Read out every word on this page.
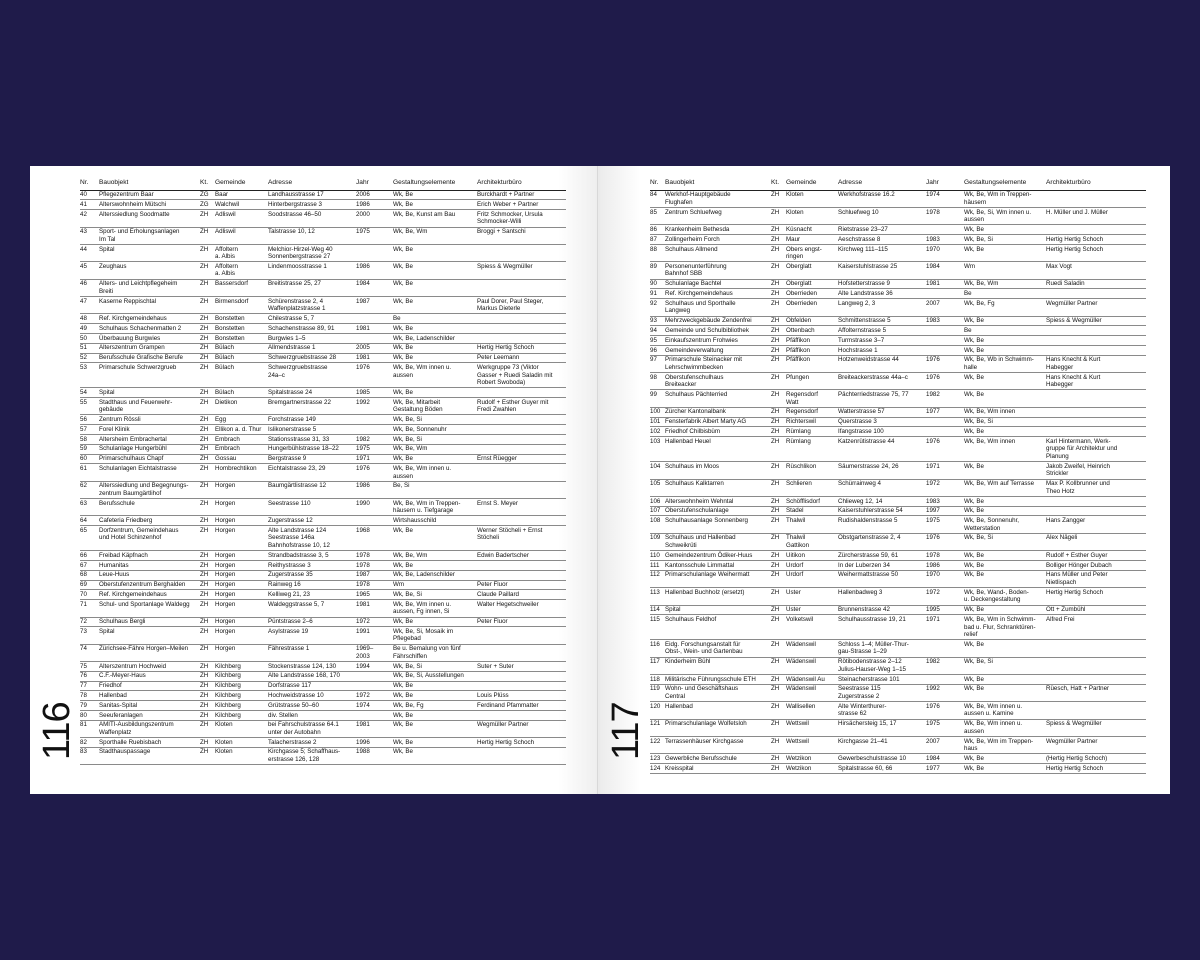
Nr.	Bauobjekt	Kt.	Gemeinde	Adresse	Jahr	Gestaltungselemente	Architekturbüro
40	Pflegezentrum Baar	ZG	Baar	Landhausstrasse 17	2006	Wk, Be	Burckhardt + Partner
41	Alterswohnheim Mütschi	ZG	Walchwil	Hinterbergstrasse 3	1986	Wk, Be	Erich Weber + Partner
42	Alterssiedlung Soodmatte	ZH	Adliswil	Soodstrasse 46–50	2000	Wk, Be, Kunst am Bau	Fritz Schmocker, Ursula
Schmocker-Willi
43	Sport- und Erholungsanlagen
Im Tal	ZH	Adliswil	Talstrasse 10, 12	1975	Wk, Be, Wm	Broggi + Santschi
44	Spital	ZH	Affoltern
a. Albis	Melchior-Hirzel-Weg 40
Sonnenbergstrasse 27		Wk, Be	
45	Zeughaus	ZH	Affoltern
a. Albis	Lindenmoosstrasse 1	1986	Wk, Be	Spiess & Wegmüller
46	Alters- und Leichtpflegeheim
Breiti	ZH	Bassersdorf	Breitistrasse 25, 27	1984	Wk, Be	
47	Kaserne Reppischtal	ZH	Birmensdorf	Schürenstrasse 2, 4
Waffenplatzstrasse 1	1987	Wk, Be	Paul Dorer, Paul Steger,
Markus Dieterle
48	Ref. Kirchgemeindehaus	ZH	Bonstetten	Chilestrasse 5, 7		Be	
49	Schulhaus Schachenmatten 2	ZH	Bonstetten	Schachenstrasse 89, 91	1981	Wk, Be	
50	Überbauung Burgwies	ZH	Bonstetten	Burgwies 1–5		Wk, Be, Ladenschilder	
51	Alterszentrum Grampen	ZH	Bülach	Allmendstrasse 1	2005	Wk, Be	Hertig Hertig Schoch
52	Berufsschule Grafische Berufe	ZH	Bülach	Schwerzgruebstrasse 28	1981	Wk, Be	Peter Leemann
53	Primarschule Schwerzgrueb	ZH	Bülach	Schwerzgruebstrasse
24a–c	1976	Wk, Be, Wm innen u.
aussen	Werkgruppe 73 (Viktor
Gasser + Ruedi Saladin mit
Robert Swoboda)
54	Spital	ZH	Bülach	Spitalstrasse 24	1985	Wk, Be	
55	Stadthaus und Feuerwehr-
gebäude	ZH	Dietikon	Bremgartnerstrasse 22	1992	Wk, Be, Mitarbeit
Gestaltung Böden	Rudolf + Esther Guyer mit
Fredi Zwahlen
56	Zentrum Rössli	ZH	Egg	Forchstrasse 149		Wk, Be, Si	
57	Forel Klinik	ZH	Ellikon a. d. Thur	Islikonerstrasse 5		Wk, Be, Sonnenuhr	
58	Altersheim Embrachertal	ZH	Embrach	Stationsstrasse 31, 33	1982	Wk, Be, Si	
59	Schulanlage Hungerbühl	ZH	Embrach	Hungerbühlstrasse 18–22	1975	Wk, Be, Wm	
60	Primarschulhaus Chapf	ZH	Gossau	Bergstrasse 9	1971	Wk, Be	Ernst Rüegger
61	Schulanlagen Eichtalstrasse	ZH	Hombrechtikon	Eichtalstrasse 23, 29	1976	Wk, Be, Wm innen u.
aussen	
62	Alterssiedlung und Begegnungs-
zentrum Baumgärtlihof	ZH	Horgen	Baumgärtlistrasse 12	1986	Be, Si	
63	Berufsschule	ZH	Horgen	Seestrasse 110	1990	Wk, Be, Wm in Treppen-
häusern u. Tiefgarage	Ernst S. Meyer
64	Cafeteria Friedberg	ZH	Horgen	Zugerstrasse 12		Wirtshausschild	
65	Dorfzentrum, Gemeindehaus
und Hotel Schinzenhof	ZH	Horgen	Alte Landstrasse 124
Seestrasse 146a
Bahnhofstrasse 10, 12	1968	Wk, Be	Werner Stöcheli + Ernst
Stöcheli
66	Freibad Käpfnach	ZH	Horgen	Strandbadstrasse 3, 5	1978	Wk, Be, Wm	Edwin Badertscher
67	Humanitas	ZH	Horgen	Reithystrasse 3	1978	Wk, Be	
68	Leue-Huus	ZH	Horgen	Zugerstrasse 35	1987	Wk, Be, Ladenschilder	
69	Oberstufenzentrum Berghalden	ZH	Horgen	Rainweg 16	1978	Wm	Peter Fluor
70	Ref. Kirchgemeindehaus	ZH	Horgen	Kelliweg 21, 23	1965	Wk, Be, Si	Claude Paillard
71	Schul- und Sportanlage Waldegg	ZH	Horgen	Waldeggstrasse 5, 7	1981	Wk, Be, Wm innen u.
aussen, Fg innen, Si	Walter Hegetschweiler
72	Schulhaus Bergli	ZH	Horgen	Püntstrasse 2–6	1972	Wk, Be	Peter Fluor
73	Spital	ZH	Horgen	Asylstrasse 19	1991	Wk, Be, Si, Mosaik im
Pflegebad	
74	Zürichsee-Fähre Horgen–Meilen	ZH	Horgen	Fährestrasse 1	1969–
2003	Be u. Bemalung von fünf
Fährschiffen	
75	Alterszentrum Hochweid	ZH	Kilchberg	Stockenstrasse 124, 130	1994	Wk, Be, Si	Suter + Suter
76	C.F.-Meyer-Haus	ZH	Kilchberg	Alte Landstrasse 168, 170		Wk, Be, Si, Ausstellungen	
77	Friedhof	ZH	Kilchberg	Dorfstrasse 117		Wk, Be	
78	Hallenbad	ZH	Kilchberg	Hochweidstrasse 10	1972	Wk, Be	Louis Plüss
79	Sanitas-Spital	ZH	Kilchberg	Grütstrasse 50–60	1974	Wk, Be, Fg	Ferdinand Pfammatter
80	Seeuferanlagen	ZH	Kilchberg	div. Stellen		Wk, Be	
81	AMITI-Ausbildungszentrum
Waffenplatz	ZH	Kloten	bei Fahrschulstrasse 64.1
unter der Autobahn	1981	Wk, Be	Wegmüller Partner
82	Sporthalle Ruebisbach	ZH	Kloten	Talacherstrasse 2	1996	Wk, Be	Hertig Hertig Schoch
83	Stadthauspassage	ZH	Kloten	Kirchgasse 5; Schaffhaus-
erstrasse 126, 128	1988	Wk, Be	
Nr.	Bauobjekt	Kt.	Gemeinde	Adresse	Jahr	Gestaltungselemente	Architekturbüro
84	Werkhof-Hauptgebäude
Flughafen	ZH	Kloten	Werkhofstrasse 16.2	1974	Wk, Be, Wm in Treppen-
häusern	
85	Zentrum Schluefweg	ZH	Kloten	Schluefweg 10	1978	Wk, Be, Si, Wm innen u.
aussen	H. Müller und J. Müller
86	Krankenheim Bethesda	ZH	Küsnacht	Rietstrasse 23–27		Wk, Be	
87	Zollingerheim Forch	ZH	Maur	Aeschstrasse 8	1983	Wk, Be, Si	Hertig Hertig Schoch
88	Schulhaus Allmend	ZH	Obers engst-
ringen	Kirchweg 111–115	1970	Wk, Be	Hertig Hertig Schoch
89	Personenunterführung
Bahnhof SBB	ZH	Oberglatt	Kaiserstuhlstrasse 25	1984	Wm	Max Vogt
90	Schulanlage Bachtel	ZH	Oberglatt	Hofstetterstrasse 9	1981	Wk, Be, Wm	Ruedi Saladin
91	Ref. Kirchgemeindehaus	ZH	Oberrieden	Alte Landstrasse 36		Be	
92	Schulhaus und Sporthalle
Langweg	ZH	Oberrieden	Langweg 2, 3	2007	Wk, Be, Fg	Wegmüller Partner
93	Mehrzweckgebäude Zendenfrei	ZH	Obfelden	Schmittenstrasse 5	1983	Wk, Be	Spiess & Wegmüller
94	Gemeinde und Schulbibliothek	ZH	Ottenbach	Affolternstrasse 5		Be	
95	Einkaufszentrum Frohwies	ZH	Pfäffikon	Turmstrasse 3–7		Wk, Be	
96	Gemeindeverwaltung	ZH	Pfäffikon	Hochstrasse 1		Wk, Be	
97	Primarschule Steinacker mit
Lehrschwimmbecken	ZH	Pfäffikon	Hotzenweidstrasse 44	1976	Wk, Be, Wb in Schwimm-
halle	Hans Knecht & Kurt
Habegger
98	Oberstufenschulhaus
Breiteacker	ZH	Pfungen	Breiteackerstrasse 44a–c	1976	Wk, Be	Hans Knecht & Kurt
Habegger
99	Schulhaus Pächterried	ZH	Regensdorf
Watt	Pächterriedstrasse 75, 77	1982	Wk, Be	
100	Zürcher Kantonalbank	ZH	Regensdorf	Watterstrasse 57	1977	Wk, Be, Wm innen	
101	Fensterfabrik Albert Marty AG	ZH	Richterswil	Querstrasse 3		Wk, Be, Si	
102	Friedhof Chilbisbüm	ZH	Rümlang	Ifangstrasse 100		Wk, Be	
103	Hallenbad Heuel	ZH	Rümlang	Katzenrütistrasse 44	1976	Wk, Be, Wm innen	Karl Hintermann, Werk-
gruppe für Architektur und
Planung
104	Schulhaus im Moos	ZH	Rüschlikon	Säumerstrasse 24, 26	1971	Wk, Be	Jakob Zweifel, Heinrich
Strickler
105	Schulhaus Kalktarren	ZH	Schlieren	Schürrainweg 4	1972	Wk, Be, Wm auf Terrasse	Max P. Kollbrunner und
Theo Hotz
106	Alterswohnheim Wehntal	ZH	Schöfflisdorf	Chlieweg 12, 14	1983	Wk, Be	
107	Oberstufenschulanlage	ZH	Stadel	Kaiserstuhlerstrasse 54	1997	Wk, Be	
108	Schulhausanlage Sonnenberg	ZH	Thalwil	Rudishaldenstrasse 5	1975	Wk, Be, Sonnenuhr,
Wetterstation	Hans Zangger
109	Schulhaus und Hallenbad
Schweikrüti	ZH	Thalwil
Gattikon	Obstgartenstrasse 2, 4	1976	Wk, Be, Si	Alex Nägeli
110	Gemeindezentrum Ödiker-Huus	ZH	Uitikon	Zürcherstrasse 59, 61	1978	Wk, Be	Rudolf + Esther Guyer
111	Kantonsschule Limmattal	ZH	Urdorf	In der Luberzen 34	1986	Wk, Be	Bolliger Hönger Dubach
112	Primarschulanlage Weihermatt	ZH	Urdorf	Weihermattstrasse 50	1970	Wk, Be	Hans Müller und Peter
Nietlispach
113	Hallenbad Buchholz (ersetzt)	ZH	Uster	Hallenbadweg 3	1972	Wk, Be, Wand-, Boden-
u. Deckengestaltung	Hertig Hertig Schoch
114	Spital	ZH	Uster	Brunnenstrasse 42	1995	Wk, Be	Ott + Zumbühl
115	Schulhaus Feldhof	ZH	Volketswil	Schulhausstrasse 19, 21	1971	Wk, Be, Wm in Schwimm-
bad u. Flur, Schranktüren-
relief	Alfred Frei
116	Eidg. Forschungsanstalt für
Obst-, Wein- und Gartenbau	ZH	Wädenswil	Schloss 1–4; Müller-Thur-
gau-Strasse 1–29		Wk, Be	
117	Kinderheim Bühl	ZH	Wädenswil	Rötibodenstrasse 2–12
Julius-Hauser-Weg 1–15	1982	Wk, Be, Si	
118	Militärische Führungsschule ETH	ZH	Wädenswil Au	Steinacherstrasse 101		Wk, Be	
119	Wohn- und Geschäftshaus
Central	ZH	Wädenswil	Seestrasse 115
Zugerstrasse 2	1992	Wk, Be	Rüesch, Hatt + Partner
120	Hallenbad	ZH	Wallisellen	Alte Winterthurer-
strasse 62	1976	Wk, Be, Wm innen u.
aussen u. Kamine	
121	Primarschulanlage Wolfetsloh	ZH	Wettswil	Hirsächersteig 15, 17	1975	Wk, Be, Wm innen u.
aussen	Spiess & Wegmüller
122	Terrassenhäuser Kirchgasse	ZH	Wettswil	Kirchgasse 21–41	2007	Wk, Be, Wm im Treppen-
haus	Wegmüller Partner
123	Gewerbliche Berufsschule	ZH	Wetzikon	Gewerbeschulstrasse 10	1984	Wk, Be	(Hertig Hertig Schoch)
124	Kreisspital	ZH	Wetzikon	Spitalstrasse 60, 66	1977	Wk, Be	Hertig Hertig Schoch
116	117
